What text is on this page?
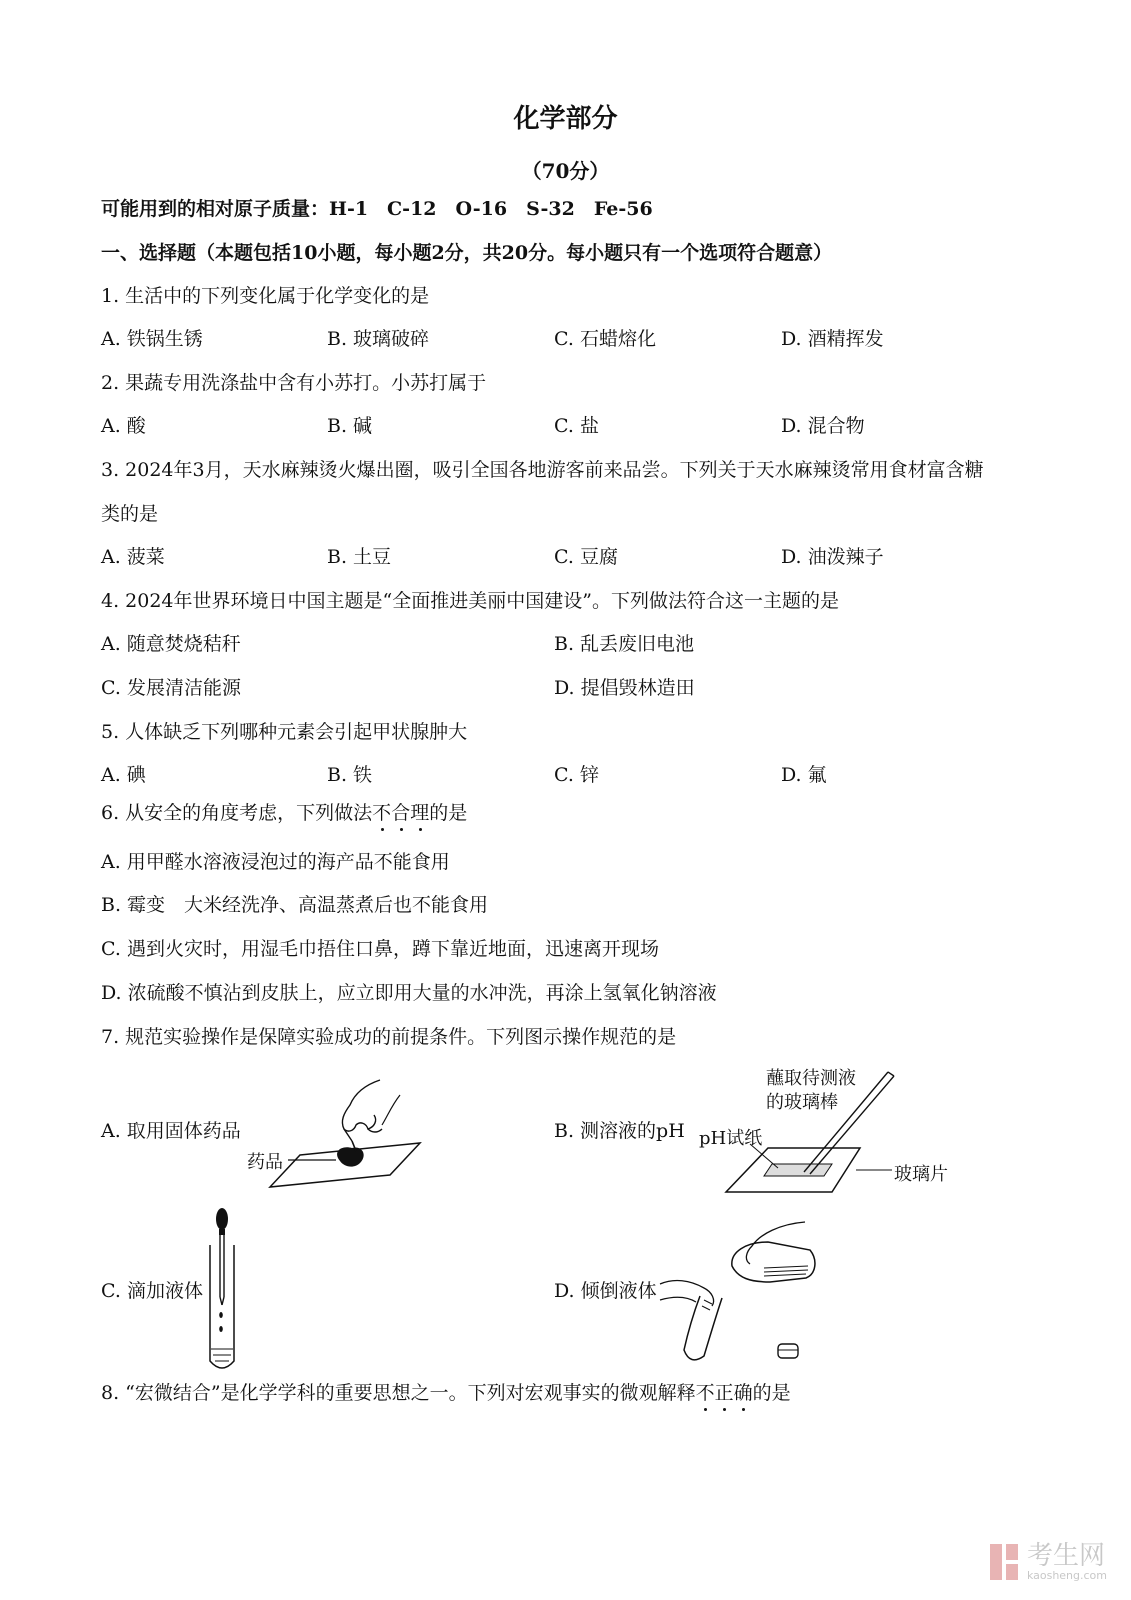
化学部分
（70分）
可能用到的相对原子质量：H-1　C-12　O-16　S-32　Fe-56
一、选择题（本题包括10小题，每小题2分，共20分。每小题只有一个选项符合题意）
1. 生活中的下列变化属于化学变化的是
A. 铁锅生锈	B. 玻璃破碎	C. 石蜡熔化	D. 酒精挥发
2. 果蔬专用洗涤盐中含有小苏打。小苏打属于
A. 酸	B. 碱	C. 盐	D. 混合物
3. 2024年3月，天水麻辣烫火爆出圈，吸引全国各地游客前来品尝。下列关于天水麻辣烫常用食材富含糖
类的是
A. 菠菜	B. 土豆	C. 豆腐	D. 油泼辣子
4. 2024年世界环境日中国主题是“全面推进美丽中国建设”。下列做法符合这一主题的是
A. 随意焚烧秸秆	B. 乱丢废旧电池
C. 发展清洁能源	D. 提倡毁林造田
5. 人体缺乏下列哪种元素会引起甲状腺肿大
A. 碘	B. 铁	C. 锌	D. 氟
6. 从安全的角度考虑，下列做法不合理的是
A. 用甲醛水溶液浸泡过的海产品不能食用
B. 霉变　大米经洗净、高温蒸煮后也不能食用
C. 遇到火灾时，用湿毛巾捂住口鼻，蹲下靠近地面，迅速离开现场
D. 浓硫酸不慎沾到皮肤上，应立即用大量的水冲洗，再涂上氢氧化钠溶液
7. 规范实验操作是保障实验成功的前提条件。下列图示操作规范的是
A. 取用固体药品	B. 测溶液的pH
C. 滴加液体	D. 倾倒液体
药品
蘸取待测液
的玻璃棒
pH试纸
玻璃片
8. “宏微结合”是化学学科的重要思想之一。下列对宏观事实的微观解释不正确的是

考生网
kaosheng.com
